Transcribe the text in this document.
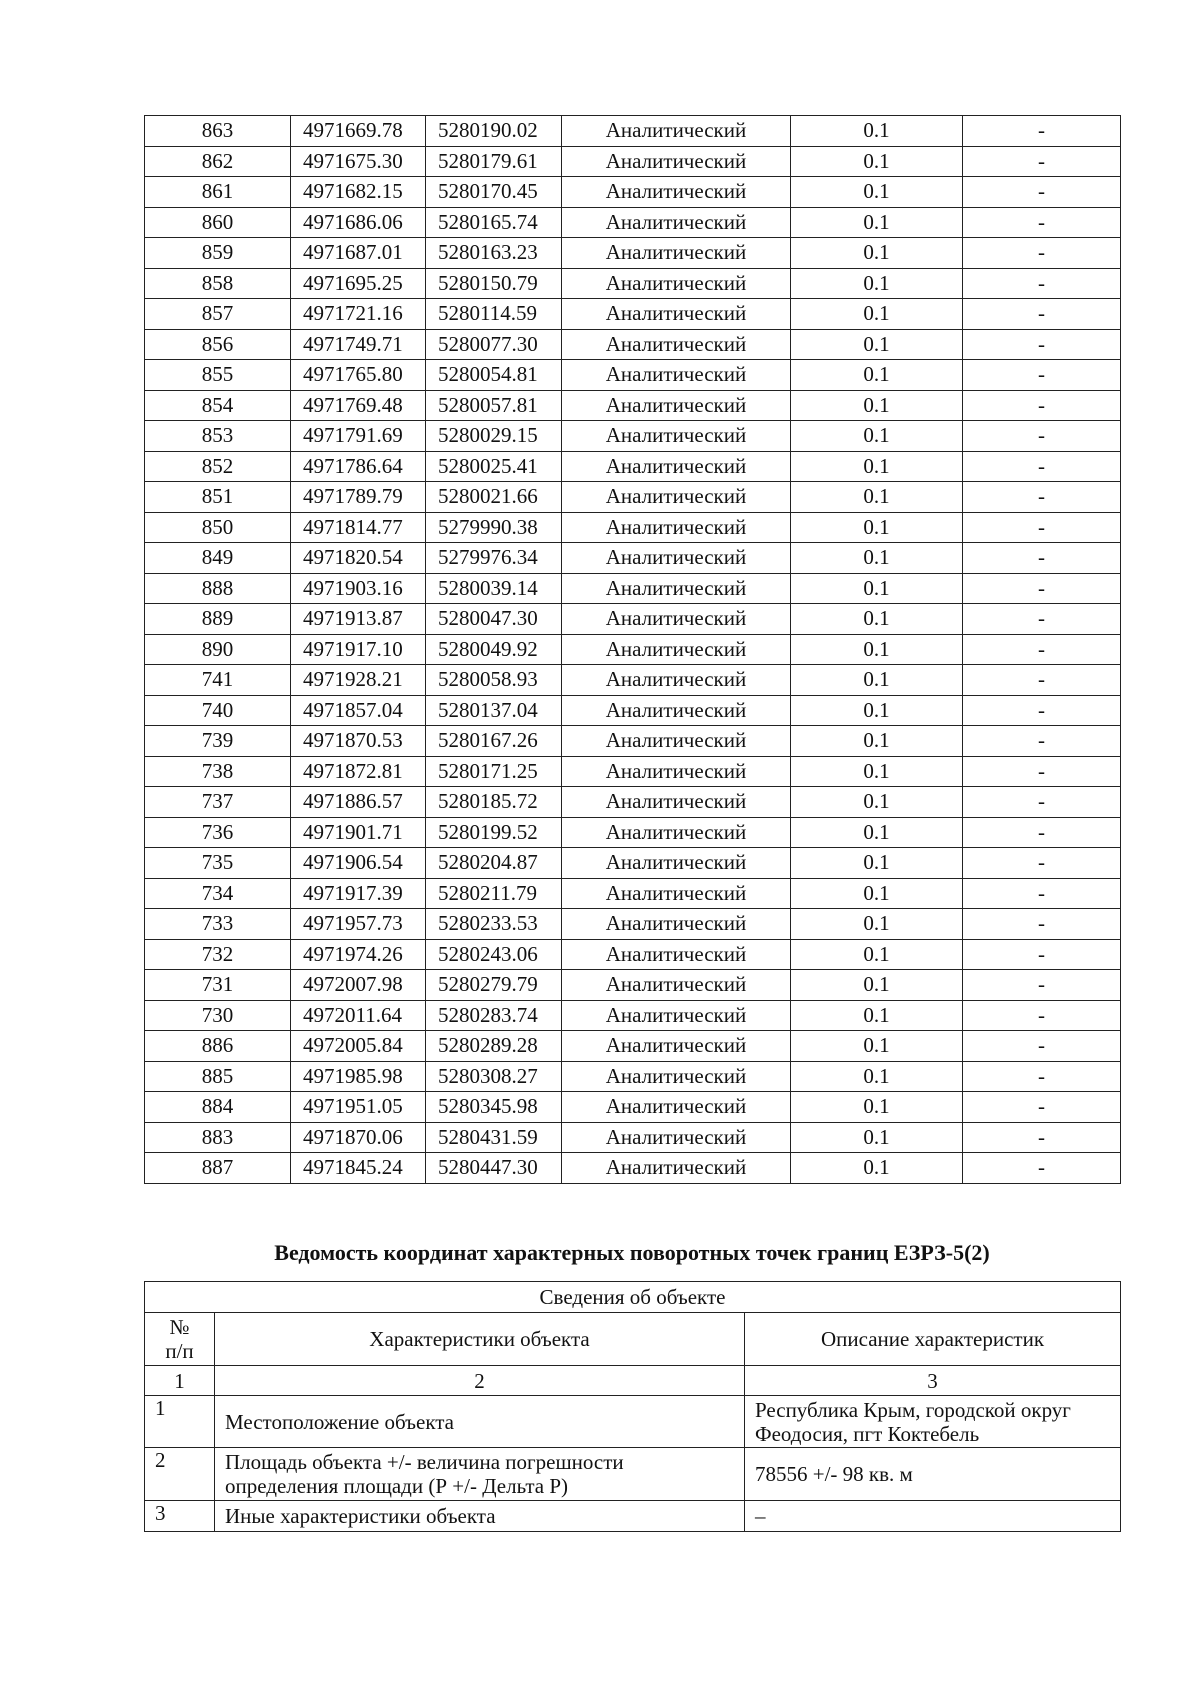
863	4971669.78	5280190.02	Аналитический	0.1	-
862	4971675.30	5280179.61	Аналитический	0.1	-
861	4971682.15	5280170.45	Аналитический	0.1	-
860	4971686.06	5280165.74	Аналитический	0.1	-
859	4971687.01	5280163.23	Аналитический	0.1	-
858	4971695.25	5280150.79	Аналитический	0.1	-
857	4971721.16	5280114.59	Аналитический	0.1	-
856	4971749.71	5280077.30	Аналитический	0.1	-
855	4971765.80	5280054.81	Аналитический	0.1	-
854	4971769.48	5280057.81	Аналитический	0.1	-
853	4971791.69	5280029.15	Аналитический	0.1	-
852	4971786.64	5280025.41	Аналитический	0.1	-
851	4971789.79	5280021.66	Аналитический	0.1	-
850	4971814.77	5279990.38	Аналитический	0.1	-
849	4971820.54	5279976.34	Аналитический	0.1	-
888	4971903.16	5280039.14	Аналитический	0.1	-
889	4971913.87	5280047.30	Аналитический	0.1	-
890	4971917.10	5280049.92	Аналитический	0.1	-
741	4971928.21	5280058.93	Аналитический	0.1	-
740	4971857.04	5280137.04	Аналитический	0.1	-
739	4971870.53	5280167.26	Аналитический	0.1	-
738	4971872.81	5280171.25	Аналитический	0.1	-
737	4971886.57	5280185.72	Аналитический	0.1	-
736	4971901.71	5280199.52	Аналитический	0.1	-
735	4971906.54	5280204.87	Аналитический	0.1	-
734	4971917.39	5280211.79	Аналитический	0.1	-
733	4971957.73	5280233.53	Аналитический	0.1	-
732	4971974.26	5280243.06	Аналитический	0.1	-
731	4972007.98	5280279.79	Аналитический	0.1	-
730	4972011.64	5280283.74	Аналитический	0.1	-
886	4972005.84	5280289.28	Аналитический	0.1	-
885	4971985.98	5280308.27	Аналитический	0.1	-
884	4971951.05	5280345.98	Аналитический	0.1	-
883	4971870.06	5280431.59	Аналитический	0.1	-
887	4971845.24	5280447.30	Аналитический	0.1	-
Ведомость координат характерных поворотных точек границ ЕЗРЗ-5(2)
Сведения об объекте		
№ п/п	Характеристики объекта	Описание характеристик
1	2	3
1	Местоположение объекта	Республика Крым, городской округ Феодосия, пгт Коктебель
2	Площадь объекта +/- величина погрешности определения площади (Р +/- Дельта Р)	78556 +/- 98 кв. м
3	Иные характеристики объекта	–
